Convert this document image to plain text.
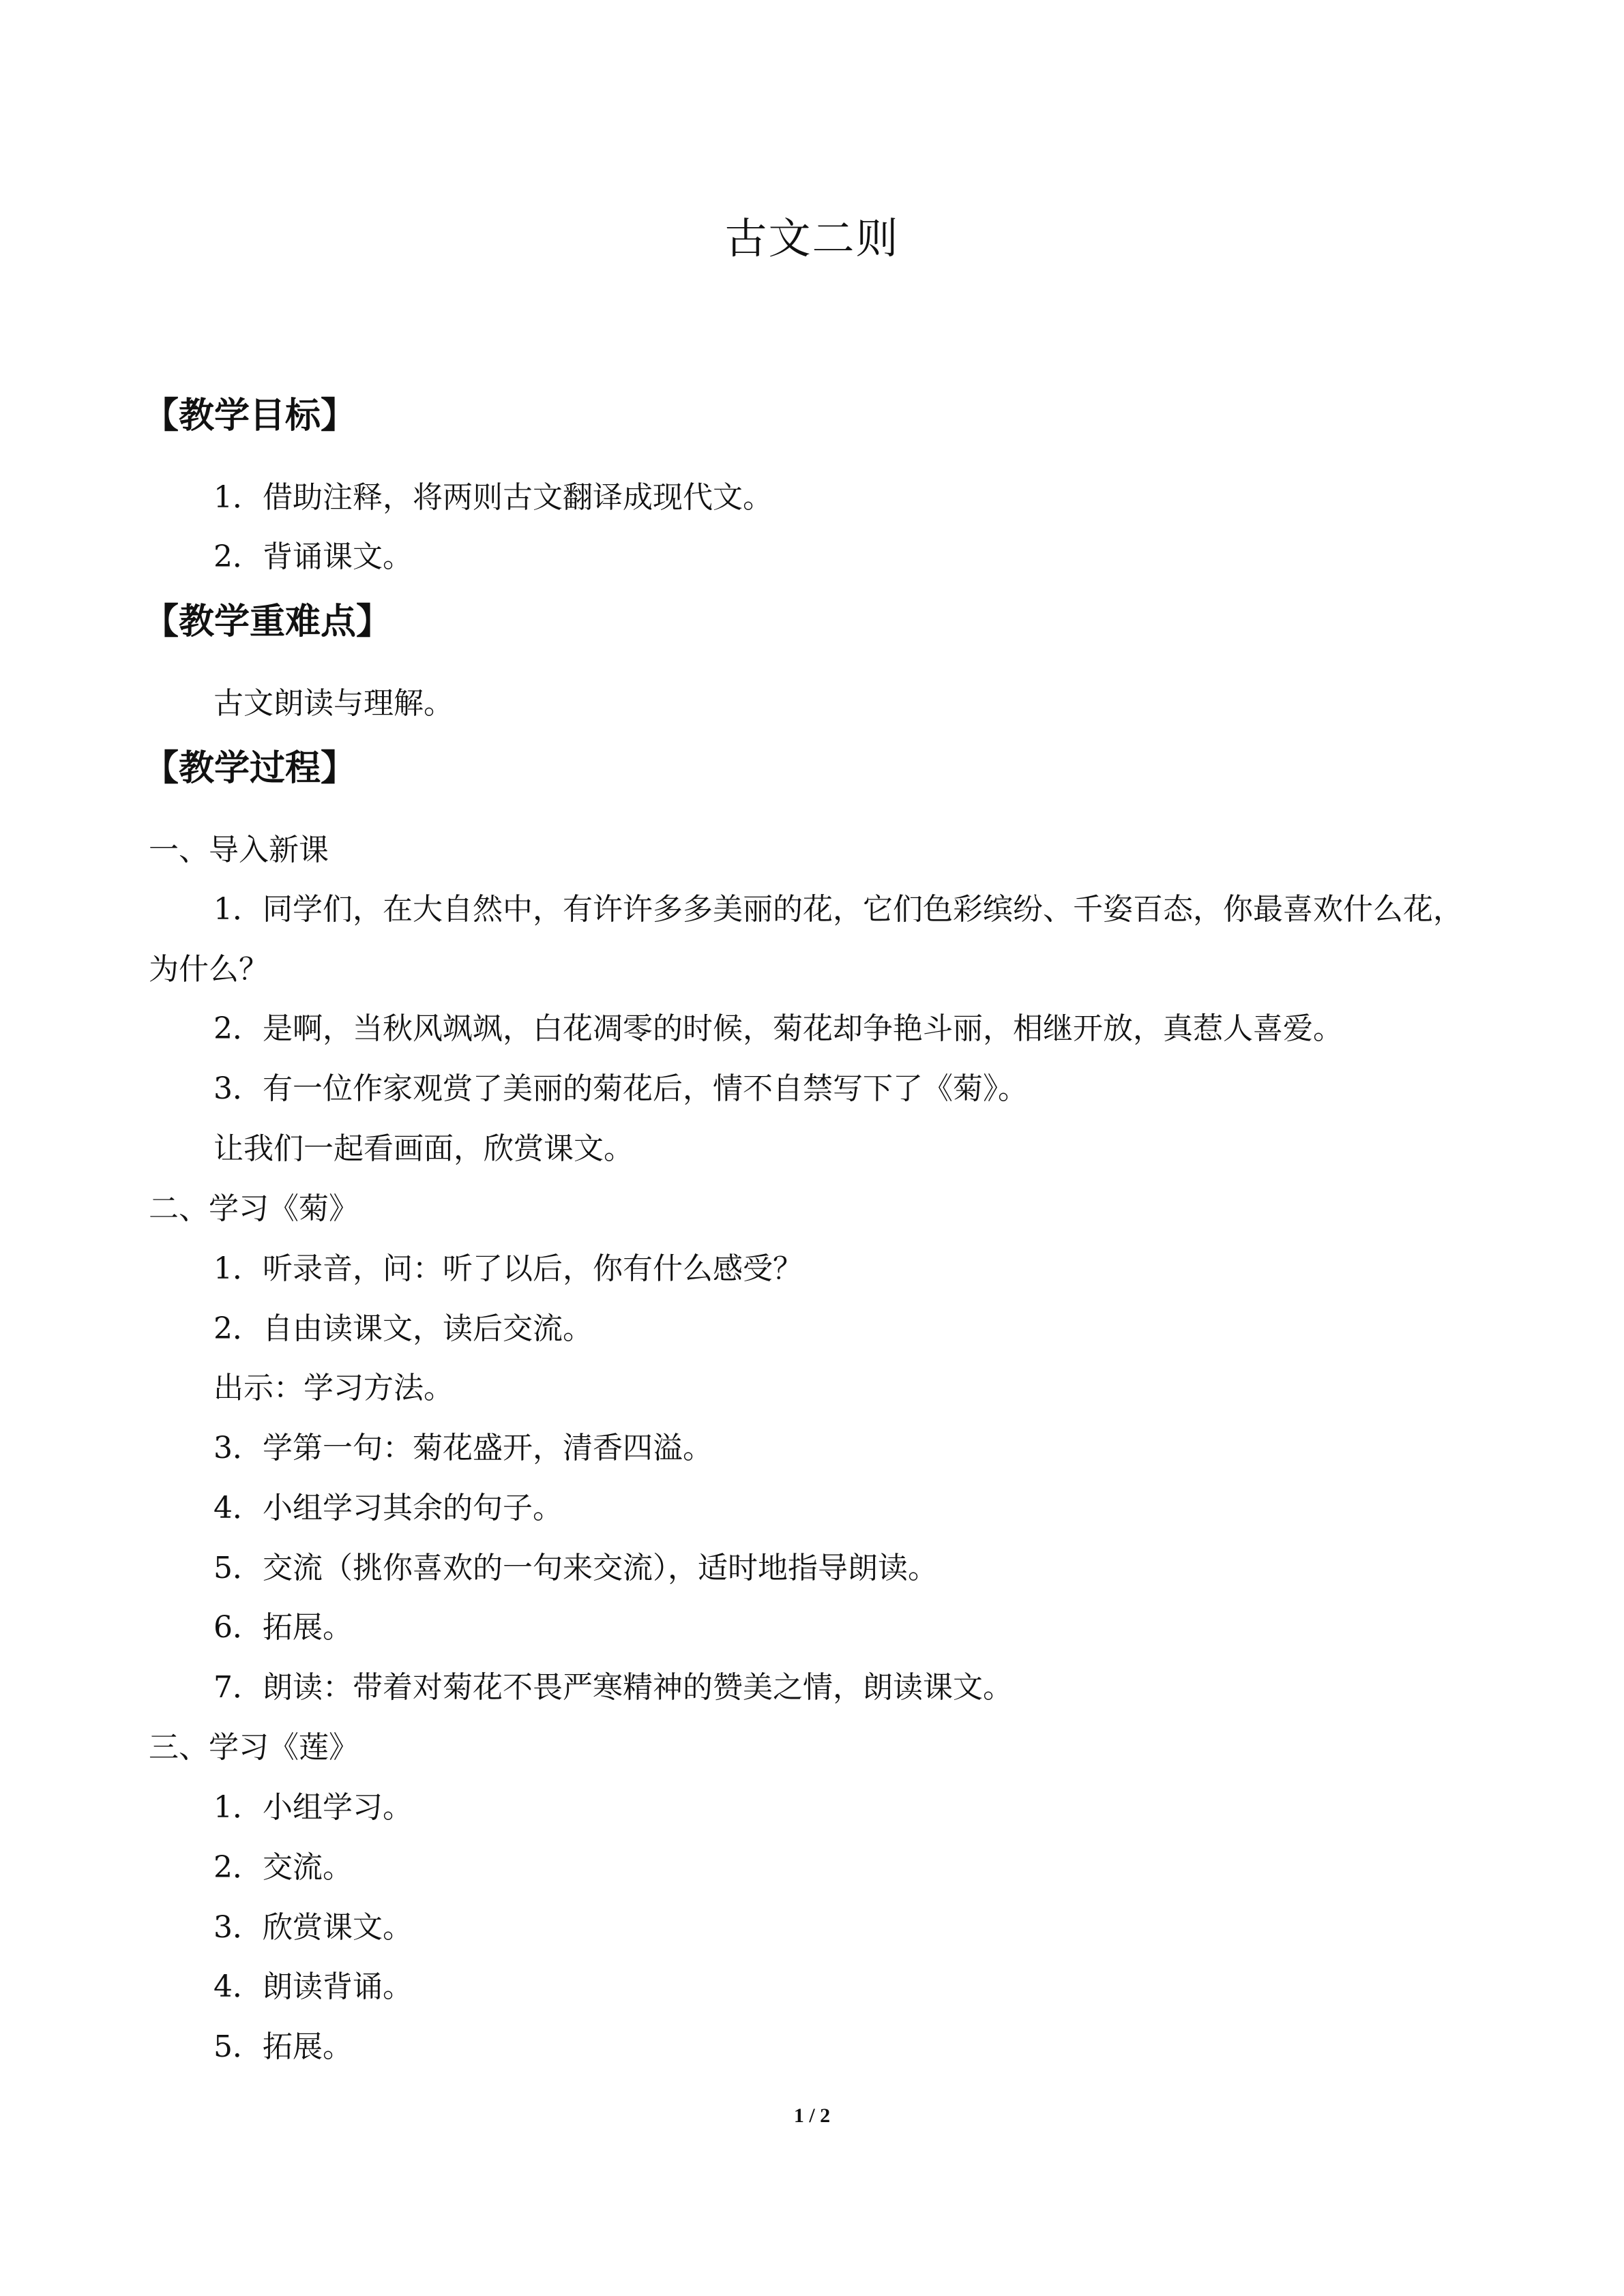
古文二则
【教学目标】
1．借助注释，将两则古文翻译成现代文。
2．背诵课文。
【教学重难点】
古文朗读与理解。
【教学过程】
一、导入新课
1．同学们，在大自然中，有许许多多美丽的花，它们色彩缤纷、千姿百态，你最喜欢什么花，为什么？
2．是啊，当秋风飒飒，白花凋零的时候，菊花却争艳斗丽，相继开放，真惹人喜爱。
3．有一位作家观赏了美丽的菊花后，情不自禁写下了《菊》。
让我们一起看画面，欣赏课文。
二、学习《菊》
1．听录音，问：听了以后，你有什么感受？
2．自由读课文，读后交流。
出示：学习方法。
3．学第一句：菊花盛开，清香四溢。
4．小组学习其余的句子。
5．交流（挑你喜欢的一句来交流），适时地指导朗读。
6．拓展。
7．朗读：带着对菊花不畏严寒精神的赞美之情，朗读课文。
三、学习《莲》
1．小组学习。
2．交流。
3．欣赏课文。
4．朗读背诵。
5．拓展。
1 / 2
